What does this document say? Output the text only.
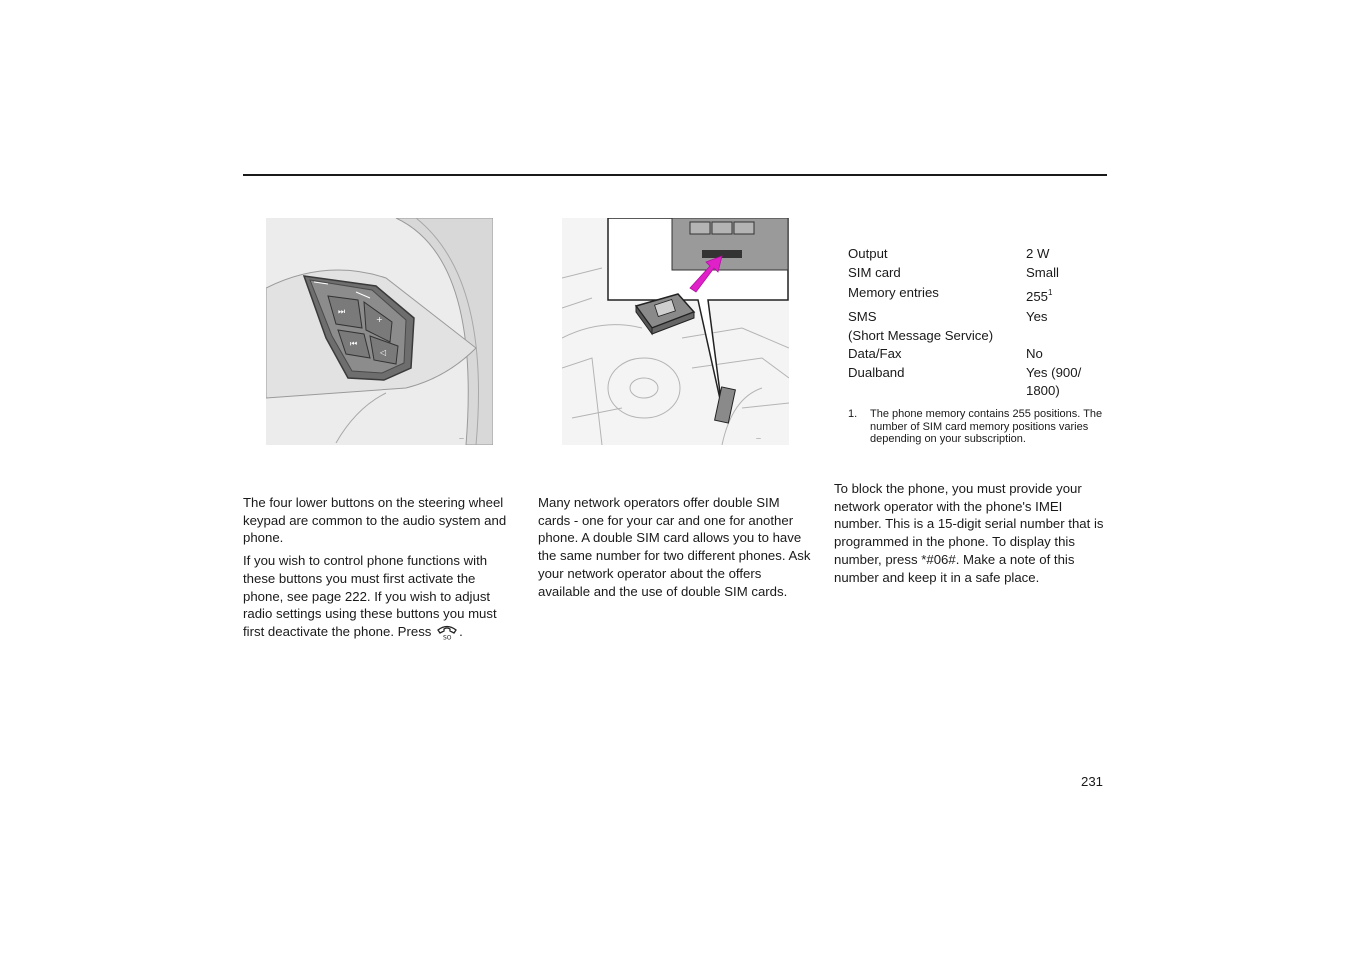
⏭
⏮
+
◁
—	—

The four lower buttons on the steering wheel keypad are common to the audio system and phone.

If you wish to control phone functions with these buttons you must first activate the phone, see page 222. If you wish to adjust radio settings using these buttons you must first deactivate the phone. Press SO .

Many network operators offer double SIM cards - one for your car and one for another phone. A double SIM card allows you to have the same number for two different phones. Ask your network operator about the offers available and the use of double SIM cards.

Output	2 W
SIM card	Small
Memory entries	$255^1$
SMS	Yes
(Short Message Service)
Data/Fax	No
Dualband	Yes (900/
1800)
1.	The phone memory contains 255 positions. The number of SIM card memory positions varies depending on your subscription.

To block the phone, you must provide your network operator with the phone's IMEI number. This is a 15-digit serial number that is programmed in the phone. To display this number, press *#06#. Make a note of this number and keep it in a safe place.

231
